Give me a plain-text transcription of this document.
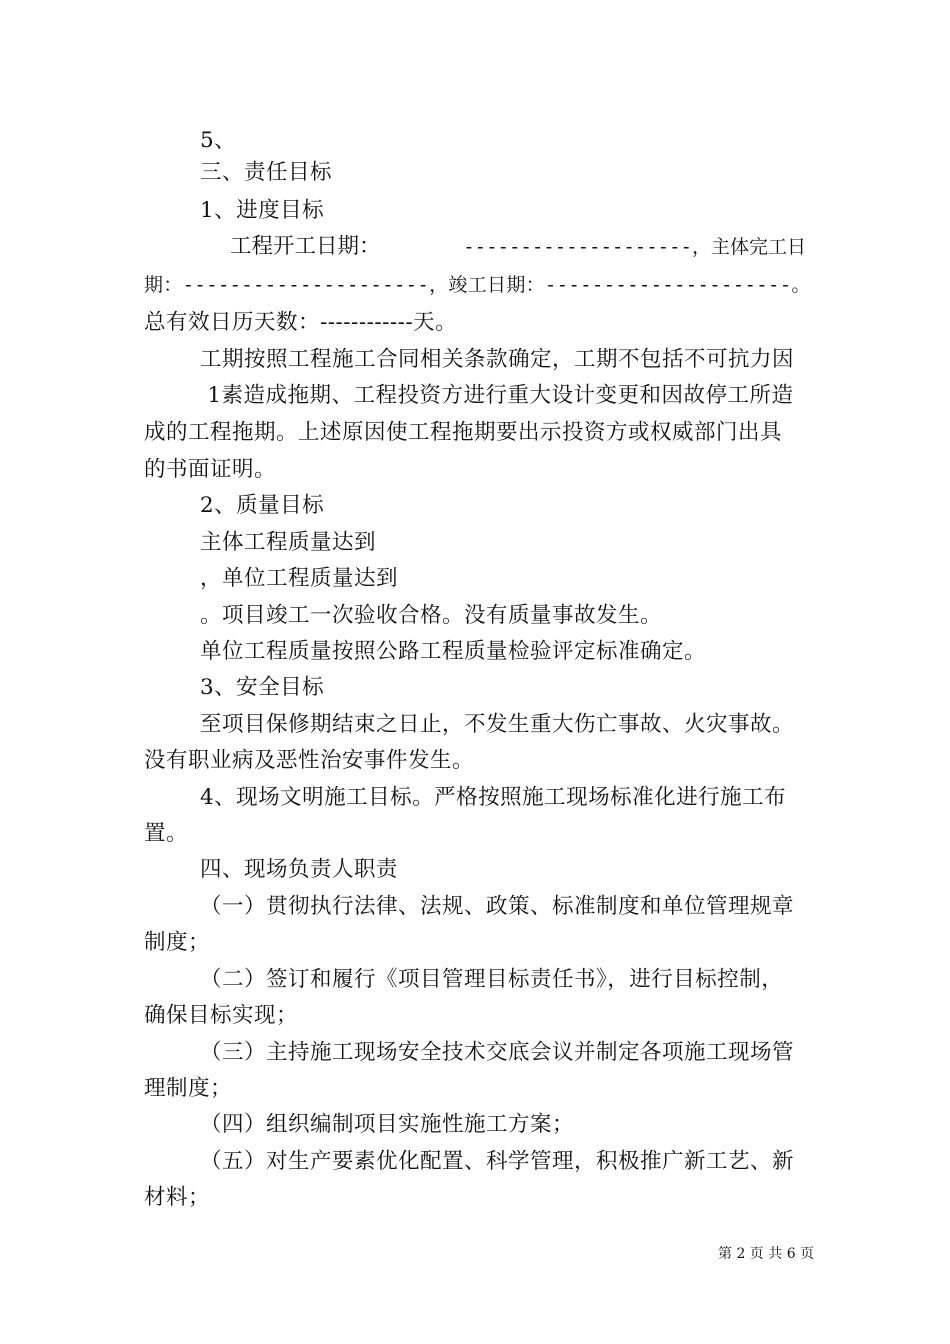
5、
三、责任目标
1、进度目标
工程开工日期：	--------------------，主体完工日
期：---------------------，竣工日期：---------------------。
总有效日历天数：------------天。
工期按照工程施工合同相关条款确定，工期不包括不可抗力因
1素造成拖期、工程投资方进行重大设计变更和因故停工所造
成的工程拖期。上述原因使工程拖期要出示投资方或权威部门出具
的书面证明。
2、质量目标
主体工程质量达到
，单位工程质量达到
。项目竣工一次验收合格。没有质量事故发生。
单位工程质量按照公路工程质量检验评定标准确定。
3、安全目标
至项目保修期结束之日止，不发生重大伤亡事故、火灾事故。
没有职业病及恶性治安事件发生。
4、现场文明施工目标。严格按照施工现场标准化进行施工布
置。
四、现场负责人职责
（一）贯彻执行法律、法规、政策、标准制度和单位管理规章
制度；
（二）签订和履行《项目管理目标责任书》，进行目标控制，
确保目标实现；
（三）主持施工现场安全技术交底会议并制定各项施工现场管
理制度；
（四）组织编制项目实施性施工方案；
（五）对生产要素优化配置、科学管理，积极推广新工艺、新
材料；
第 2 页 共 6 页
